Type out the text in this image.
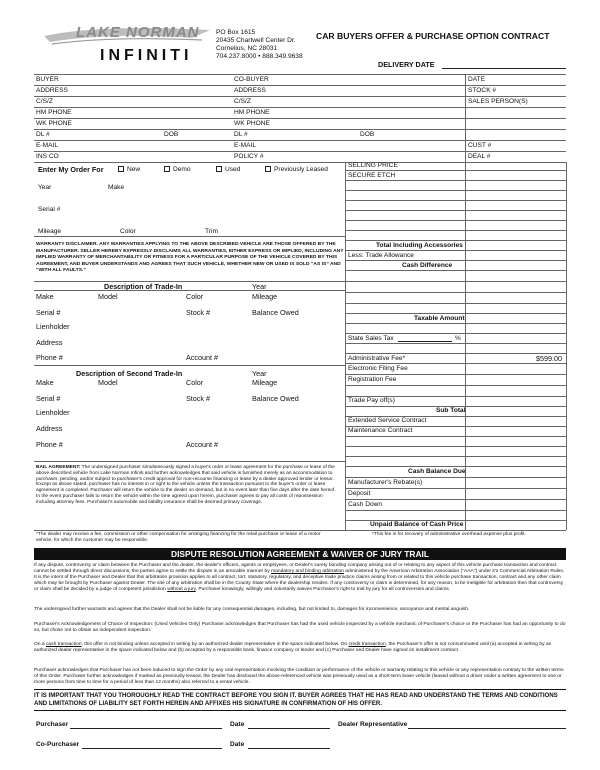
LAKE NORMAN
INFINITI
PO Box 1615
20435 Chartwell Center Dr.
Cornelius, NC 28031
704.237.8000 • 888.349.9638
CAR BUYERS OFFER & PURCHASE OPTION CONTRACT
DELIVERY DATE
BUYER	CO-BUYER	DATE
ADDRESS	ADDRESS	STOCK #
C/S/Z	C/S/Z	SALES PERSON(S)
HM PHONE	HM PHONE
WK PHONE	WK PHONE
DL #	DOB	DL #	DOB
E-MAIL	E-MAIL	CUST #
INS CO	POLICY #	DEAL #
SELLING PRICE
SECURE ETCH
Total Including Accessories
Less: Trade Allowance
Cash Difference
Taxable Amount
State Sales Tax	%
Administrative Fee*	$599.00
Electronic Filing Fee
Registration Fee
Trade Pay off(s)
Sub Total
Extended Service Contract
Maintenance Contract
Cash Balance Due
Manufacturer's Rebate(s)
Deposit
Cash Down
Unpaid Balance of Cash Price
Enter My Order For	New	Demo	Used	Previously Leased
Year	Make
Serial #
Mileage	Color	Trim
WARRANTY DISCLAIMER. ANY WARRANTIES APPLYING TO THE ABOVE DESCRIBED VEHICLE ARE THOSE OFFERED BY THE MANUFACTURER. SELLER HEREBY EXPRESSLY DISCLAIMS ALL WARRANTIES, EITHER EXPRESS OR IMPLIED, INCLUDING ANY IMPLIED WARRANTY OF MERCHANTABILITY OR FITNESS FOR A PARTICULAR PURPOSE OF THE VEHICLE COVERED BY THIS AGREEMENT, AND BUYER UNDERSTANDS AND AGREES THAT SUCH VEHICLE, WHETHER NEW OR USED IS SOLD “AS IS” AND “WITH ALL FAULTS.”
Description of Trade-In	Year
Make	Model	Color	Mileage
Serial #	Stock #	Balance Owed
Lienholder
Address
Phone #	Account #
Description of Second Trade-In	Year
Make	Model	Color	Mileage
Serial #	Stock #	Balance Owed
Lienholder
Address
Phone #	Account #
BAIL AGREEMENT: The undersigned purchaser simultaneously signed a buyer's order or lease agreement for the purchase or lease of the above described vehicle from Lake Norman Infiniti and further acknowledges that said vehicle is furnished merely as an accommodation to purchaser, pending, and/or subject to purchaser's credit approval for non-recourse financing or lease by a dealer approved lender or lessor. Except as above stated, purchaser has no interest in or right to the vehicle unless the transaction pursuant to the buyer's order or lease agreement is completed. Purchaser will return the vehicle to the dealer on demand, but in no event later than five days after the date hereof. In the event purchaser fails to return the vehicle within the time agreed upon herein, purchaser agrees to pay all costs of repossession including attorney fees. Purchaser's automobile and liability insurance shall be deemed primary coverage.
*The dealer may receive a fee, commission or other compensation for arranging financing for the retail purchase or lease of a motor vehicle, for which the customer may be responsible.
*This fee is for recovery of administrative overhead expense plus profit.
DISPUTE RESOLUTION AGREEMENT & WAIVER OF JURY TRAIL
If any dispute, controversy or claim between the Purchaser and the dealer, the dealer's officers, agents or employees, or Dealer's surety bonding company arising out of or relating to any aspect of this vehicle purchase transaction and contract cannot be settled through direct discussions, the parties agree to settle the dispute in an amicable manner by mandatory and binding arbitration administered by the American Arbitration Association ("AAA") under it's Commercial Arbitration Rules. It is the intent of the Purchaser and Dealer that this arbitration provision applies to all contract, tort, statutory, regulatory, and deceptive trade practice claims arising from or related to this vehicle purchase transaction, contract and any other claim which may be brought by Purchaser against Dealer. The site of any arbitration shall be in the County State where the dealership resides. If any controversy or claim is determined, for any reason, to be ineligible for arbitration then that controversy or claim shall be decided by a judge of competent jurisdiction without a jury. Purchaser knowingly, willingly and voluntarily waives Purchaser's right to trial by jury for all controversies and claims.
The undersigned further warrants and agrees that the Dealer shall not be liable for any consequential damages, including, but not limited to, damages for inconvenience, annoyance and mental anguish.
Purchaser's Acknowledgement of Choice of Inspection: (Used Vehicles Only) Purchaser acknowledges that Purchaser has had the used vehicle inspected by a vehicle mechanic of Purchaser's choice or the Purchaser has had an opportunity to do so, but chose not to obtain an independent inspection.
On a cash transaction, this offer is not binding unless accepted in writing by an authorized dealer representative in the space indicated below. On credit transaction, the Purchaser's offer is not consummated until (a) accepted in writing by an authorized dealer representative in the space indicated below and (b) accepted by a responsible bank, finance company or lender and (c) Purchaser and Dealer have signed on installment contract.
Purchaser acknowledges that Purchaser has not been induced to sign the Order by any oral representation involving the condition or performance of the vehicle or warranty relating to this vehicle or any representation contrary to the written terms of this Order. Purchaser further acknowledges if marked as previously leased, the Dealer has disclosed the above-referenced vehicle was previously used as a short-term lease vehicle (leased without a driver under a written agreement to one or more persons from time to time for a period of less than 12 months) also referred to a rental vehicle.
IT IS IMPORTANT THAT YOU THOROUGHLY READ THE CONTRACT BEFORE YOU SIGN IT. BUYER AGREES THAT HE HAS READ AND UNDERSTAND THE TERMS AND CONDITIONS AND LIMITATIONS OF LIABILITY SET FORTH HEREIN AND AFFIXES HIS SIGNATURE IN CONFIRMATION OF HIS OFFER.
Purchaser	Date	Dealer Representative
Co-Purchaser	Date
